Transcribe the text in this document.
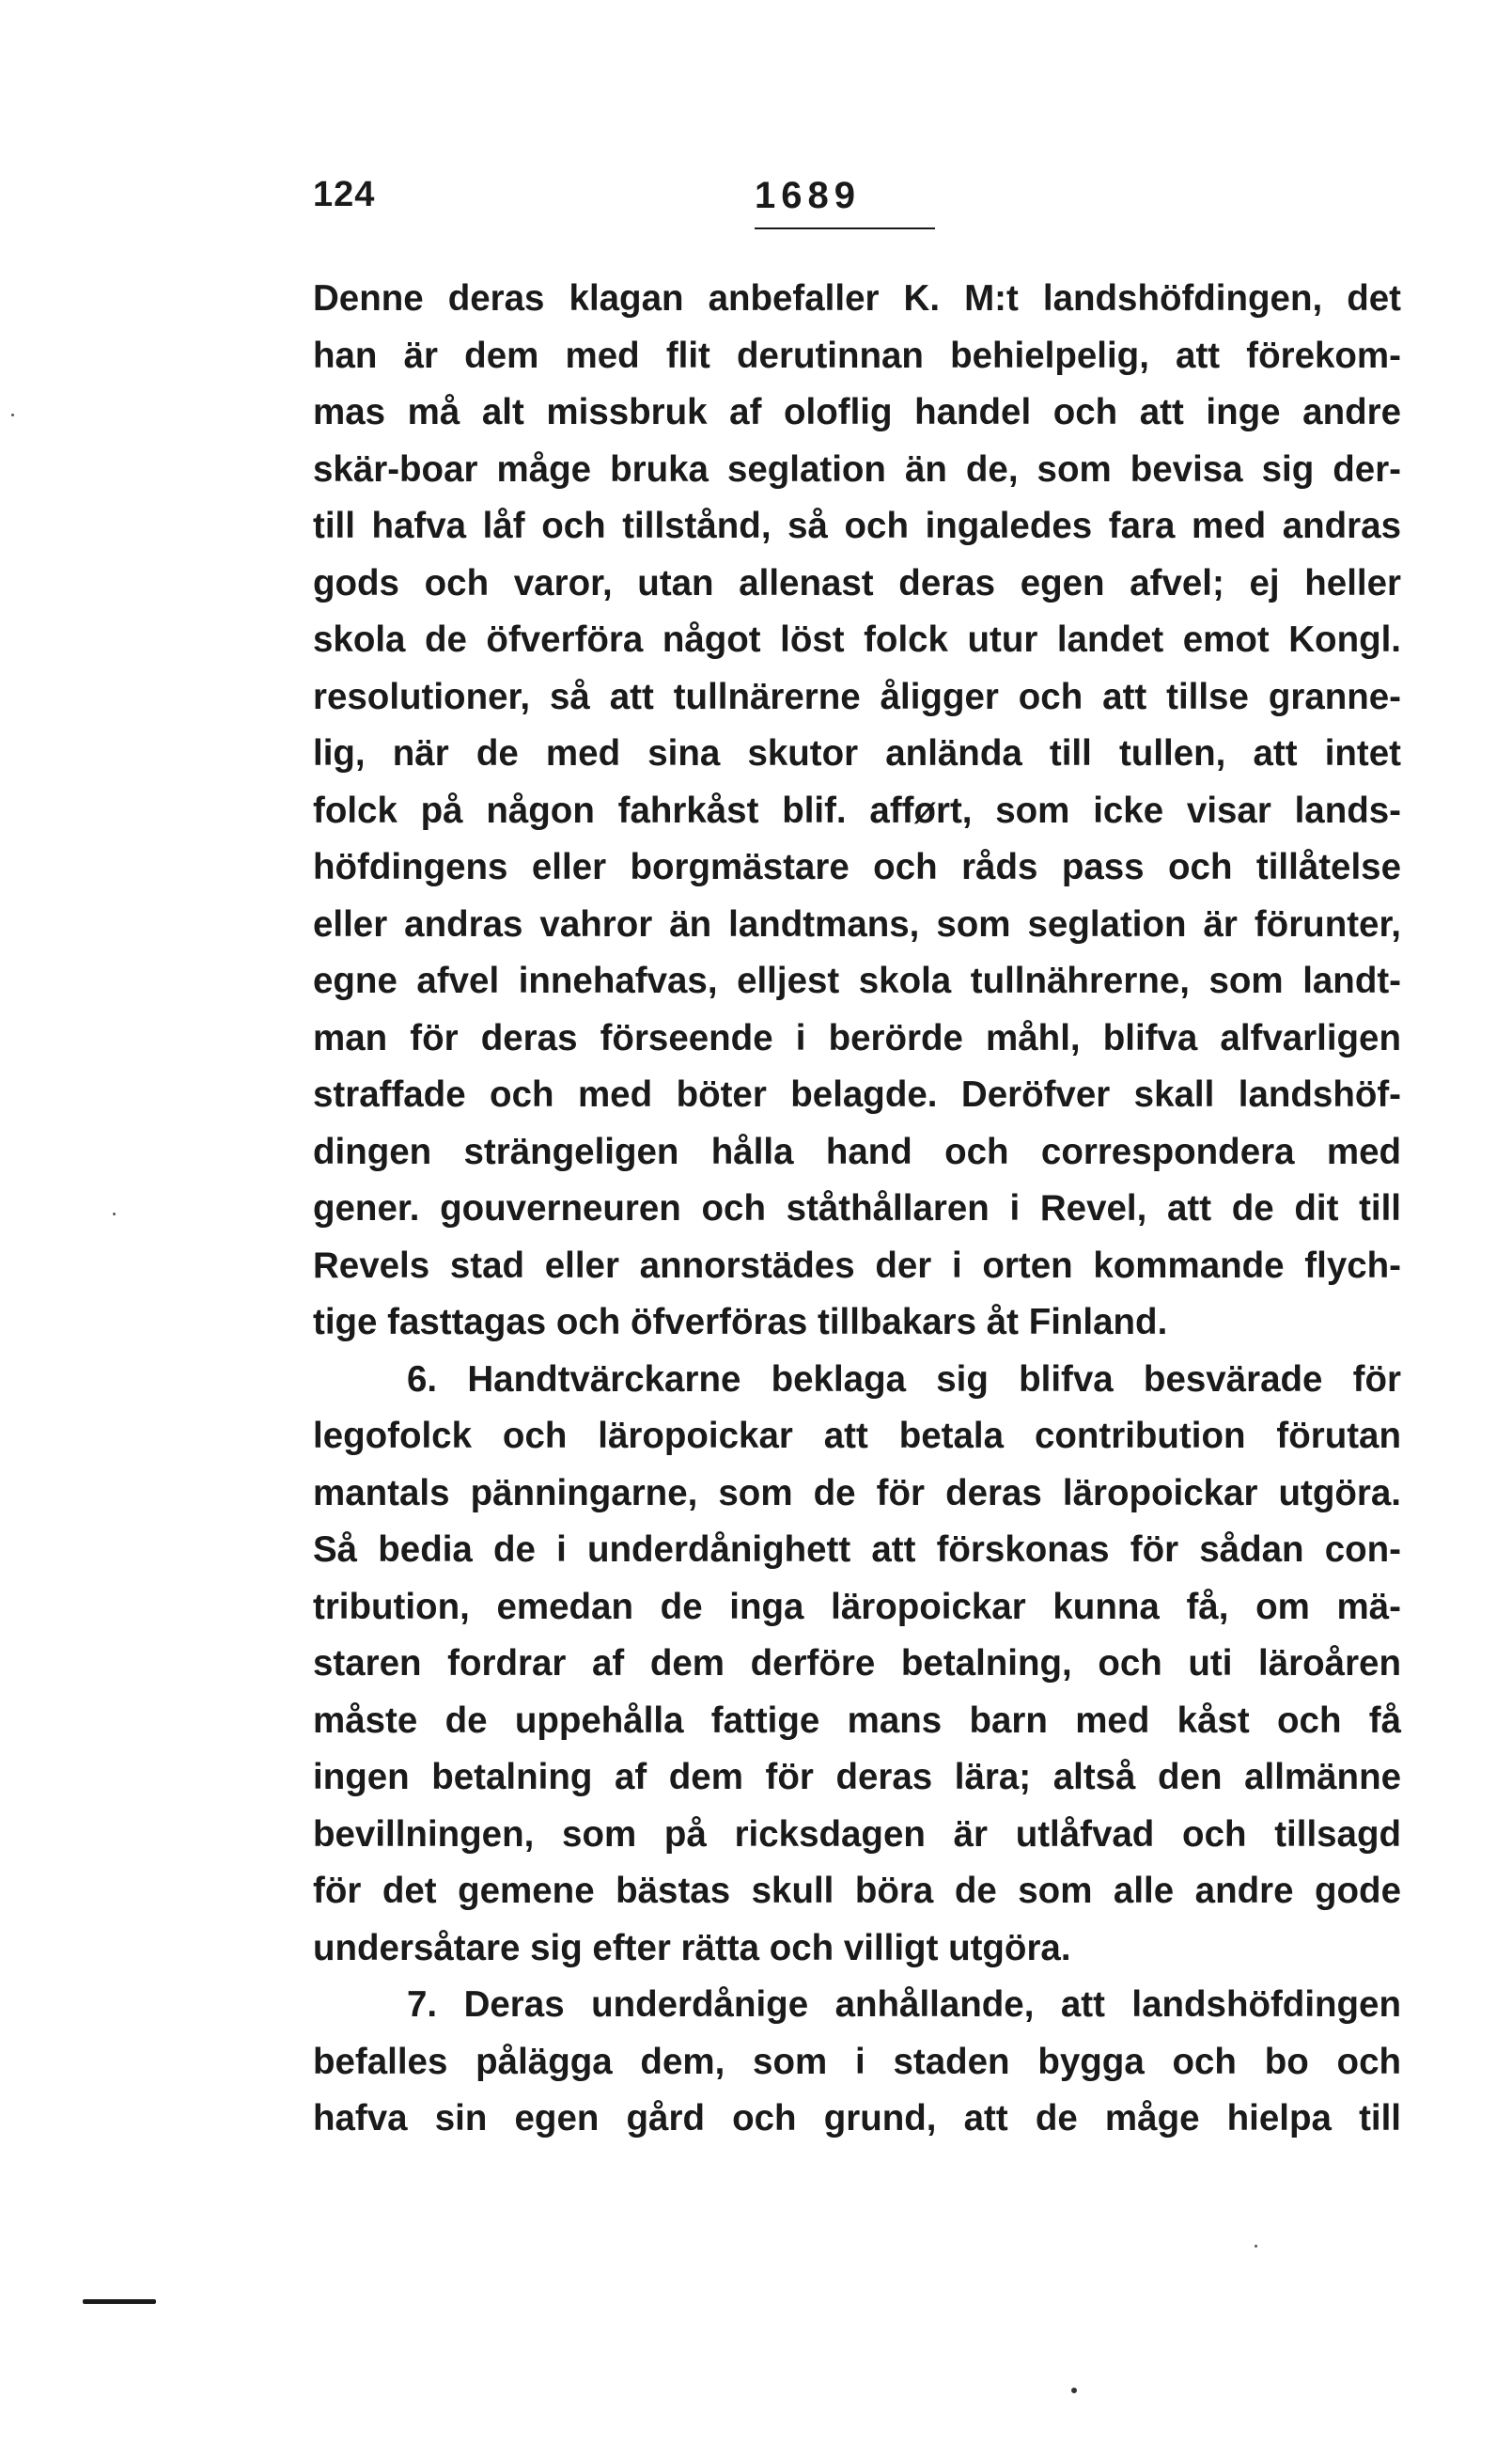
124	1689
Denne deras klagan anbefaller K. M:t landshöfdingen, det
han är dem med flit derutinnan behielpelig, att förekom-
mas må alt missbruk af oloflig handel och att inge andre
skär-boar måge bruka seglation än de, som bevisa sig der-
till hafva låf och tillstånd, så och ingaledes fara med andras
gods och varor, utan allenast deras egen afvel; ej heller
skola de öfverföra något löst folck utur landet emot Kongl.
resolutioner, så att tullnärerne åligger och att tillse granne-
lig, när de med sina skutor anlända till tullen, att intet
folck på någon fahrkåst blif. afført, som icke visar lands-
höfdingens eller borgmästare och råds pass och tillåtelse
eller andras vahror än landtmans, som seglation är förunter,
egne afvel innehafvas, elljest skola tullnährerne, som landt-
man för deras förseende i berörde måhl, blifva alfvarligen
straffade och med böter belagde. Deröfver skall landshöf-
dingen strängeligen hålla hand och correspondera med
gener. gouverneuren och ståthållaren i Revel, att de dit till
Revels stad eller annorstädes der i orten kommande flych-
tige fasttagas och öfverföras tillbakars åt Finland.
6. Handtvärckarne beklaga sig blifva besvärade för
legofolck och läropoickar att betala contribution förutan
mantals pänningarne, som de för deras läropoickar utgöra.
Så bedia de i underdånighett att förskonas för sådan con-
tribution, emedan de inga läropoickar kunna få, om mä-
staren fordrar af dem derföre betalning, och uti läroåren
måste de uppehålla fattige mans barn med kåst och få
ingen betalning af dem för deras lära; altså den allmänne
bevillningen, som på ricksdagen är utlåfvad och tillsagd
för det gemene bästas skull böra de som alle andre gode
undersåtare sig efter rätta och villigt utgöra.
7. Deras underdånige anhållande, att landshöfdingen
befalles pålägga dem, som i staden bygga och bo och
hafva sin egen gård och grund, att de måge hielpa till
